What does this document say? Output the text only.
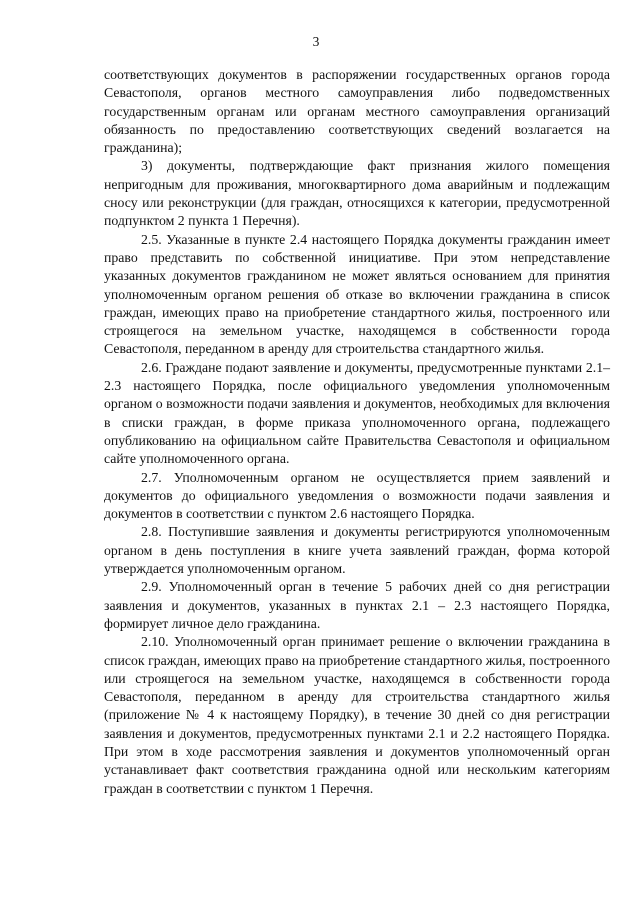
3

соответствующих документов в распоряжении государственных органов города Севастополя, органов местного самоуправления либо подведомственных государственным органам или органам местного самоуправления организаций обязанность по предоставлению соответствующих сведений возлагается на гражданина);

3) документы, подтверждающие факт признания жилого помещения непригодным для проживания, многоквартирного дома аварийным и подлежащим сносу или реконструкции (для граждан, относящихся к категории, предусмотренной подпунктом 2 пункта 1 Перечня).

2.5. Указанные в пункте 2.4 настоящего Порядка документы гражданин имеет право представить по собственной инициативе. При этом непредставление указанных документов гражданином не может являться основанием для принятия уполномоченным органом решения об отказе во включении гражданина в список граждан, имеющих право на приобретение стандартного жилья, построенного или строящегося на земельном участке, находящемся в собственности города Севастополя, переданном в аренду для строительства стандартного жилья.

2.6. Граждане подают заявление и документы, предусмотренные пунктами 2.1–2.3 настоящего Порядка, после официального уведомления уполномоченным органом о возможности подачи заявления и документов, необходимых для включения в списки граждан, в форме приказа уполномоченного органа, подлежащего опубликованию на официальном сайте Правительства Севастополя и официальном сайте уполномоченного органа.

2.7. Уполномоченным органом не осуществляется прием заявлений и документов до официального уведомления о возможности подачи заявления и документов в соответствии с пунктом 2.6 настоящего Порядка.

2.8. Поступившие заявления и документы регистрируются уполномоченным органом в день поступления в книге учета заявлений граждан, форма которой утверждается уполномоченным органом.

2.9. Уполномоченный орган в течение 5 рабочих дней со дня регистрации заявления и документов, указанных в пунктах 2.1 – 2.3 настоящего Порядка, формирует личное дело гражданина.

2.10. Уполномоченный орган принимает решение о включении гражданина в список граждан, имеющих право на приобретение стандартного жилья, построенного или строящегося на земельном участке, находящемся в собственности города Севастополя, переданном в аренду для строительства стандартного жилья (приложение № 4 к настоящему Порядку), в течение 30 дней со дня регистрации заявления и документов, предусмотренных пунктами 2.1 и 2.2 настоящего Порядка. При этом в ходе рассмотрения заявления и документов уполномоченный орган устанавливает факт соответствия гражданина одной или нескольким категориям граждан в соответствии с пунктом 1 Перечня.
